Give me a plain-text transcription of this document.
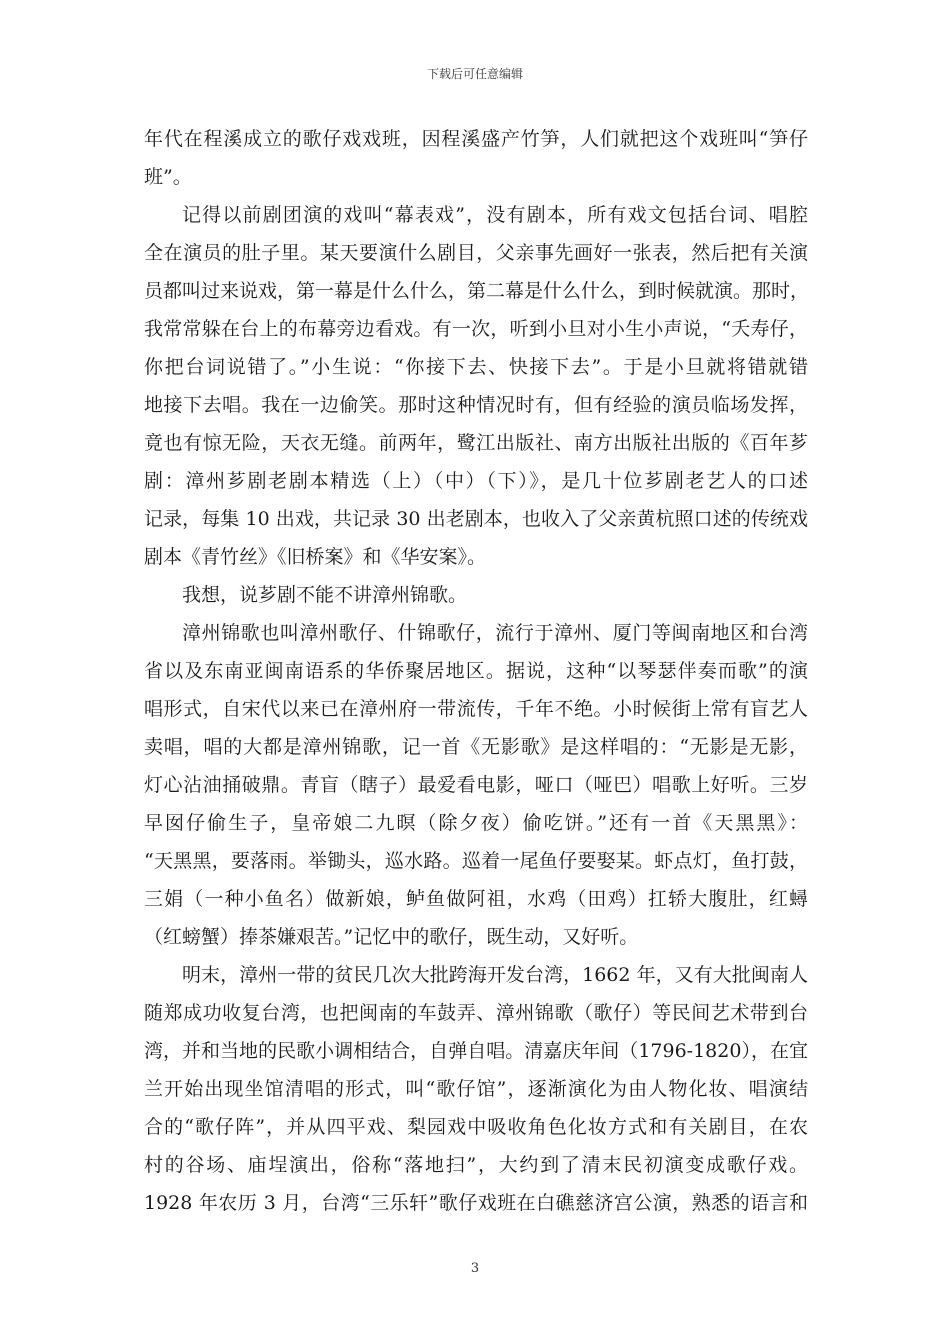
下载后可任意编辑
年代在程溪成立的歌仔戏戏班，因程溪盛产竹笋，人们就把这个戏班叫“笋仔
班”。
记得以前剧团演的戏叫“幕表戏”，没有剧本，所有戏文包括台词、唱腔
全在演员的肚子里。某天要演什么剧目，父亲事先画好一张表，然后把有关演
员都叫过来说戏，第一幕是什么什么，第二幕是什么什么，到时候就演。那时，
我常常躲在台上的布幕旁边看戏。有一次，听到小旦对小生小声说，“夭寿仔，
你把台词说错了。”小生说：“你接下去、快接下去”。于是小旦就将错就错
地接下去唱。我在一边偷笑。那时这种情况时有，但有经验的演员临场发挥，
竟也有惊无险，天衣无缝。前两年，鹭江出版社、南方出版社出版的《百年芗
剧：漳州芗剧老剧本精选（上）（中）（下）》，是几十位芗剧老艺人的口述
记录，每集 10 出戏，共记录 30 出老剧本，也收入了父亲黄杭照口述的传统戏
剧本《青竹丝》《旧桥案》和《华安案》。
我想，说芗剧不能不讲漳州锦歌。
漳州锦歌也叫漳州歌仔、什锦歌仔，流行于漳州、厦门等闽南地区和台湾
省以及东南亚闽南语系的华侨聚居地区。据说，这种“以琴瑟伴奏而歌”的演
唱形式，自宋代以来已在漳州府一带流传，千年不绝。小时候街上常有盲艺人
卖唱，唱的大都是漳州锦歌，记一首《无影歌》是这样唱的：“无影是无影，
灯心沾油捅破鼎。青盲（瞎子）最爱看电影，哑口（哑巴）唱歌上好听。三岁
早囡仔偷生子，皇帝娘二九暝（除夕夜）偷吃饼。”还有一首《天黑黑》：
“天黑黑，要落雨。举锄头，巡水路。巡着一尾鱼仔要娶某。虾点灯，鱼打鼓，
三娟（一种小鱼名）做新娘，鲈鱼做阿祖，水鸡（田鸡）扛轿大腹肚，红蟳
（红螃蟹）捧茶嫌艰苦。”记忆中的歌仔，既生动，又好听。
明末，漳州一带的贫民几次大批跨海开发台湾，1662 年，又有大批闽南人
随郑成功收复台湾，也把闽南的车鼓弄、漳州锦歌（歌仔）等民间艺术带到台
湾，并和当地的民歌小调相结合，自弹自唱。清嘉庆年间（1796-1820），在宜
兰开始出现坐馆清唱的形式，叫“歌仔馆”，逐渐演化为由人物化妆、唱演结
合的“歌仔阵”，并从四平戏、梨园戏中吸收角色化妆方式和有关剧目，在农
村的谷场、庙埕演出，俗称“落地扫”，大约到了清末民初演变成歌仔戏。
1928 年农历 3 月，台湾“三乐轩”歌仔戏班在白礁慈济宫公演，熟悉的语言和
3
